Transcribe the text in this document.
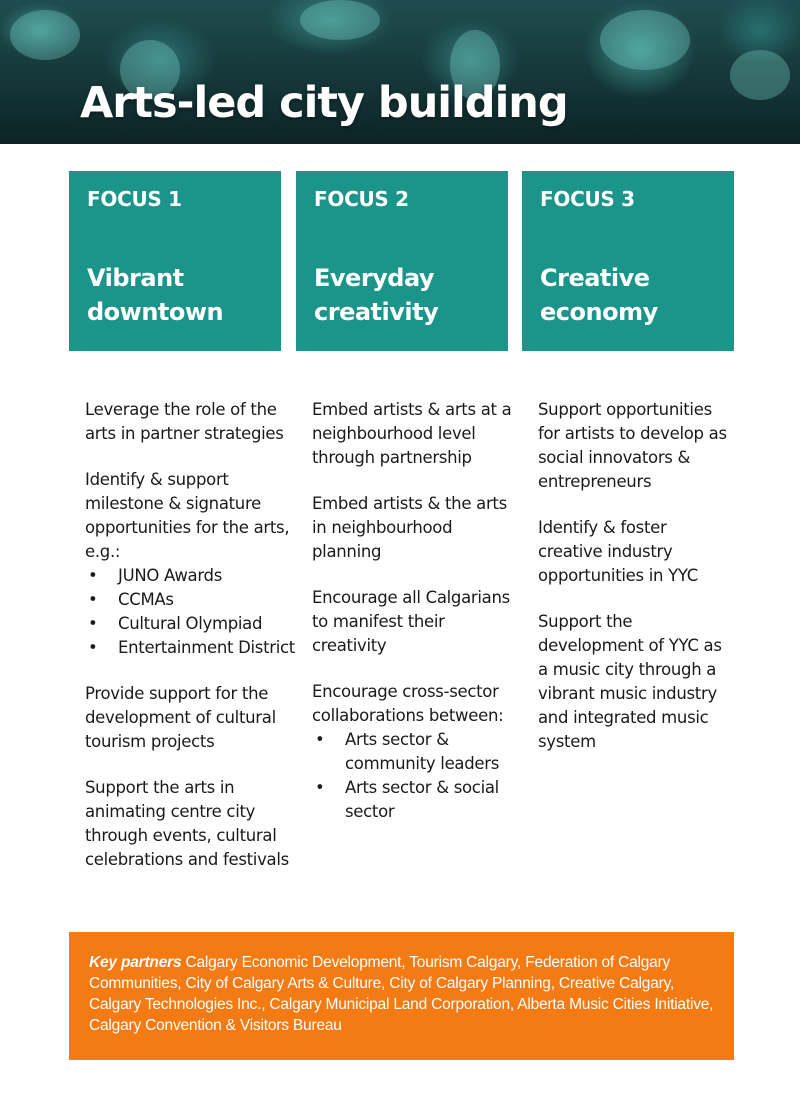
Arts-led city building
FOCUS 1
Vibrant
downtown
FOCUS 2
Everyday
creativity
FOCUS 3
Creative
economy

Leverage the role of the arts in partner strategies

Identify & support milestone & signature opportunities for the arts, e.g.:

• JUNO Awards
• CCMAs
• Cultural Olympiad
• Entertainment District

Provide support for the development of cultural tourism projects

Support the arts in animating centre city through events, cultural celebrations and festivals

Embed artists & arts at a neighbourhood level through partnership

Embed artists & the arts in neighbourhood planning

Encourage all Calgarians to manifest their creativity

Encourage cross-sector collaborations between:

• Arts sector & community leaders
• Arts sector & social sector

Support opportunities for artists to develop as social innovators & entrepreneurs

Identify & foster creative industry opportunities in YYC

Support the development of YYC as a music city through a vibrant music industry and integrated music system

Key partners Calgary Economic Development, Tourism Calgary, Federation of Calgary Communities, City of Calgary Arts & Culture, City of Calgary Planning, Creative Calgary, Calgary Technologies Inc., Calgary Municipal Land Corporation, Alberta Music Cities Initiative, Calgary Convention & Visitors Bureau
